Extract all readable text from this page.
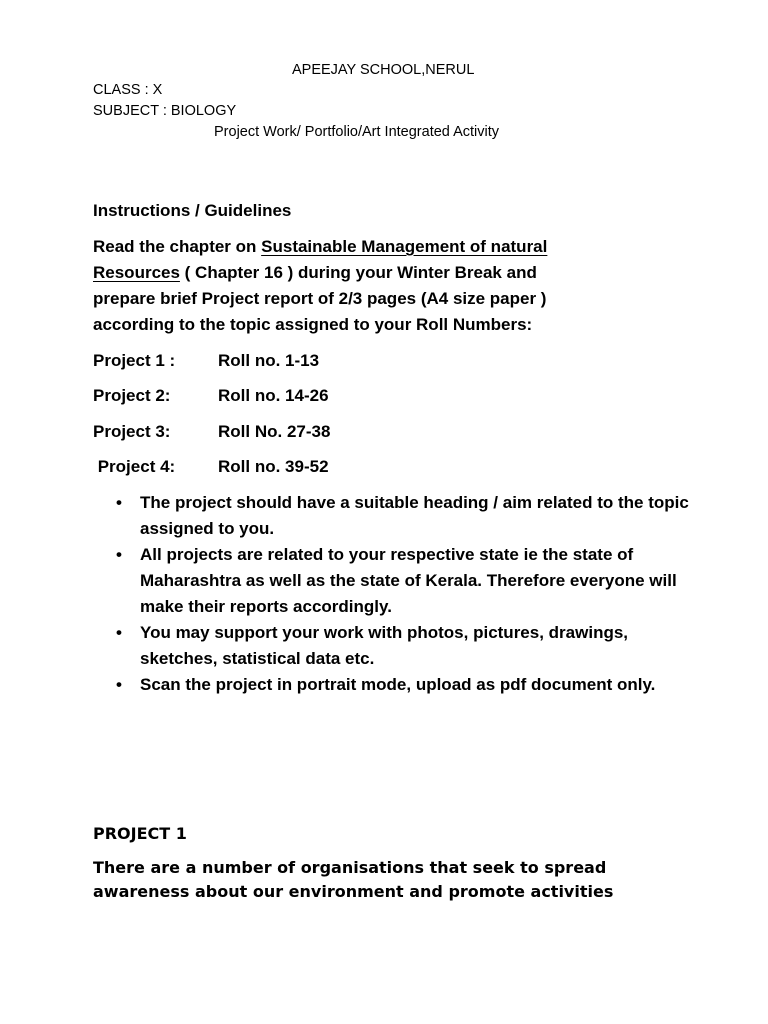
APEEJAY SCHOOL,NERUL
CLASS : X
SUBJECT : BIOLOGY
Project Work/ Portfolio/Art Integrated Activity
Instructions / Guidelines
Read the chapter on Sustainable Management of natural
Resources ( Chapter 16 ) during your Winter Break and
prepare brief Project report of 2/3 pages (A4 size paper )
according to the topic assigned to your Roll Numbers:
Project 1 :	Roll no. 1-13
Project 2:	Roll no. 14-26
Project 3:	Roll No. 27-38
Project 4:	Roll no. 39-52
• The project should have a suitable heading / aim related to the topic assigned to you.
• All projects are related to your respective state ie the state of Maharashtra as well as the state of Kerala. Therefore everyone will make their reports accordingly.
• You may support your work with photos, pictures, drawings, sketches, statistical data etc.
• Scan the project in portrait mode, upload as pdf document only.
PROJECT 1
There are a number of organisations that seek to spread
awareness about our environment and promote activities
